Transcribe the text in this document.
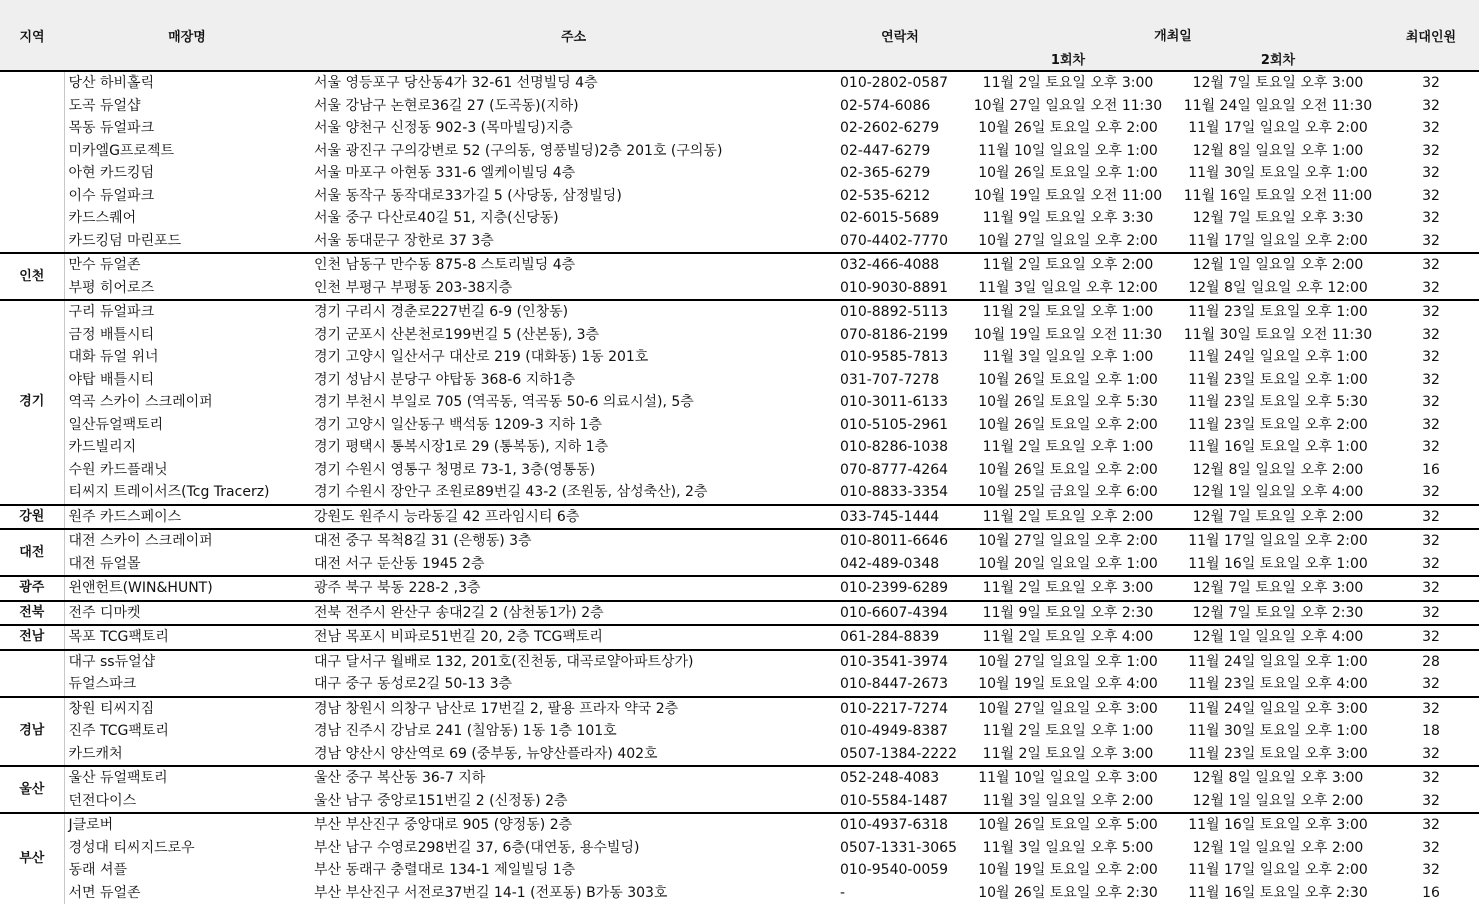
지역	매장명	주소	연락처	개최일		최대인원
				1회차	2회차	
	당산 하비홀릭	서울 영등포구 당산동4가 32-61 선명빌딩 4층	010-2802-0587	11월 2일 토요일 오후 3:00	12월 7일 토요일 오후 3:00	32
	도곡 듀얼샵	서울 강남구 논현로36길 27 (도곡동)(지하)	02-574-6086	10월 27일 일요일 오전 11:30	11월 24일 일요일 오전 11:30	32
	목동 듀얼파크	서울 양천구 신정동 902-3 (목마빌딩)지층	02-2602-6279	10월 26일 토요일 오후 2:00	11월 17일 일요일 오후 2:00	32
	미카엘G프로젝트	서울 광진구 구의강변로 52 (구의동, 영풍빌딩)2층 201호 (구의동)	02-447-6279	11월 10일 일요일 오후 1:00	12월 8일 일요일 오후 1:00	32
	아현 카드킹덤	서울 마포구 아현동 331-6 엘케이빌딩 4층	02-365-6279	10월 26일 토요일 오후 1:00	11월 30일 토요일 오후 1:00	32
	이수 듀얼파크	서울 동작구 동작대로33가길 5 (사당동, 삼정빌딩)	02-535-6212	10월 19일 토요일 오전 11:00	11월 16일 토요일 오전 11:00	32
	카드스퀘어	서울 중구 다산로40길 51, 지층(신당동)	02-6015-5689	11월 9일 토요일 오후 3:30	12월 7일 토요일 오후 3:30	32
	카드킹덤 마린포드	서울 동대문구 장한로 37 3층	070-4402-7770	10월 27일 일요일 오후 2:00	11월 17일 일요일 오후 2:00	32
인천	만수 듀얼존	인천 남동구 만수동 875-8 스토리빌딩 4층	032-466-4088	11월 2일 토요일 오후 2:00	12월 1일 일요일 오후 2:00	32
	부평 히어로즈	인천 부평구 부평동 203-38지층	010-9030-8891	11월 3일 일요일 오후 12:00	12월 8일 일요일 오후 12:00	32
경기	구리 듀얼파크	경기 구리시 경춘로227번길 6-9 (인창동)	010-8892-5113	11월 2일 토요일 오후 1:00	11월 23일 토요일 오후 1:00	32
	금정 배틀시티	경기 군포시 산본천로199번길 5 (산본동), 3층	070-8186-2199	10월 19일 토요일 오전 11:30	11월 30일 토요일 오전 11:30	32
	대화 듀얼 위너	경기 고양시 일산서구 대산로 219 (대화동) 1동 201호	010-9585-7813	11월 3일 일요일 오후 1:00	11월 24일 일요일 오후 1:00	32
	야탑 배틀시티	경기 성남시 분당구 야탑동 368-6 지하1층	031-707-7278	10월 26일 토요일 오후 1:00	11월 23일 토요일 오후 1:00	32
	역곡 스카이 스크레이퍼	경기 부천시 부일로 705 (역곡동, 역곡동 50-6 의료시설), 5층	010-3011-6133	10월 26일 토요일 오후 5:30	11월 23일 토요일 오후 5:30	32
	일산듀얼팩토리	경기 고양시 일산동구 백석동 1209-3 지하 1층	010-5105-2961	10월 26일 토요일 오후 2:00	11월 23일 토요일 오후 2:00	32
	카드빌리지	경기 평택시 통복시장1로 29 (통복동), 지하 1층	010-8286-1038	11월 2일 토요일 오후 1:00	11월 16일 토요일 오후 1:00	32
	수원 카드플래닛	경기 수원시 영통구 청명로 73-1, 3층(영통동)	070-8777-4264	10월 26일 토요일 오후 2:00	12월 8일 일요일 오후 2:00	16
	티씨지 트레이서즈(Tcg Tracerz)	경기 수원시 장안구 조원로89번길 43-2 (조원동, 삼성축산), 2층	010-8833-3354	10월 25일 금요일 오후 6:00	12월 1일 일요일 오후 4:00	32
강원	원주 카드스페이스	강원도 원주시 능라동길 42 프라임시티 6층	033-745-1444	11월 2일 토요일 오후 2:00	12월 7일 토요일 오후 2:00	32
대전	대전 스카이 스크레이퍼	대전 중구 목척8길 31 (은행동) 3층	010-8011-6646	10월 27일 일요일 오후 2:00	11월 17일 일요일 오후 2:00	32
	대전 듀얼몰	대전 서구 둔산동 1945 2층	042-489-0348	10월 20일 일요일 오후 1:00	11월 16일 토요일 오후 1:00	32
광주	윈앤헌트(WIN&HUNT)	광주 북구 북동 228-2 ,3층	010-2399-6289	11월 2일 토요일 오후 3:00	12월 7일 토요일 오후 3:00	32
전북	전주 디마켓	전북 전주시 완산구 송대2길 2 (삼천동1가) 2층	010-6607-4394	11월 9일 토요일 오후 2:30	12월 7일 토요일 오후 2:30	32
전남	목포 TCG팩토리	전남 목포시 비파로51번길 20, 2층 TCG팩토리	061-284-8839	11월 2일 토요일 오후 4:00	12월 1일 일요일 오후 4:00	32
	대구 ss듀얼샵	대구 달서구 월배로 132, 201호(진천동, 대곡로얄아파트상가)	010-3541-3974	10월 27일 일요일 오후 1:00	11월 24일 일요일 오후 1:00	28
	듀얼스파크	대구 중구 동성로2길 50-13 3층	010-8447-2673	10월 19일 토요일 오후 4:00	11월 23일 토요일 오후 4:00	32
경남	창원 티씨지짐	경남 창원시 의창구 남산로 17번길 2, 팔용 프라자 약국 2층	010-2217-7274	10월 27일 일요일 오후 3:00	11월 24일 일요일 오후 3:00	32
	진주 TCG팩토리	경남 진주시 강남로 241 (칠암동) 1동 1층 101호	010-4949-8387	11월 2일 토요일 오후 1:00	11월 30일 토요일 오후 1:00	18
	카드캐처	경남 양산시 양산역로 69 (중부동, 뉴양산플라자) 402호	0507-1384-2222	11월 2일 토요일 오후 3:00	11월 23일 토요일 오후 3:00	32
울산	울산 듀얼팩토리	울산 중구 복산동 36-7 지하	052-248-4083	11월 10일 일요일 오후 3:00	12월 8일 일요일 오후 3:00	32
	던전다이스	울산 남구 중앙로151번길 2 (신정동) 2층	010-5584-1487	11월 3일 일요일 오후 2:00	12월 1일 일요일 오후 2:00	32
부산	J클로버	부산 부산진구 중앙대로 905 (양정동) 2층	010-4937-6318	10월 26일 토요일 오후 5:00	11월 16일 토요일 오후 3:00	32
	경성대 티씨지드로우	부산 남구 수영로298번길 37, 6층(대연동, 용수빌딩)	0507-1331-3065	11월 3일 일요일 오후 5:00	12월 1일 일요일 오후 2:00	32
	동래 셔플	부산 동래구 충렬대로 134-1 제일빌딩 1층	010-9540-0059	10월 19일 토요일 오후 2:00	11월 17일 일요일 오후 2:00	32
	서면 듀얼존	부산 부산진구 서전로37번길 14-1 (전포동) B가동 303호	-	10월 26일 토요일 오후 2:30	11월 16일 토요일 오후 2:30	16
